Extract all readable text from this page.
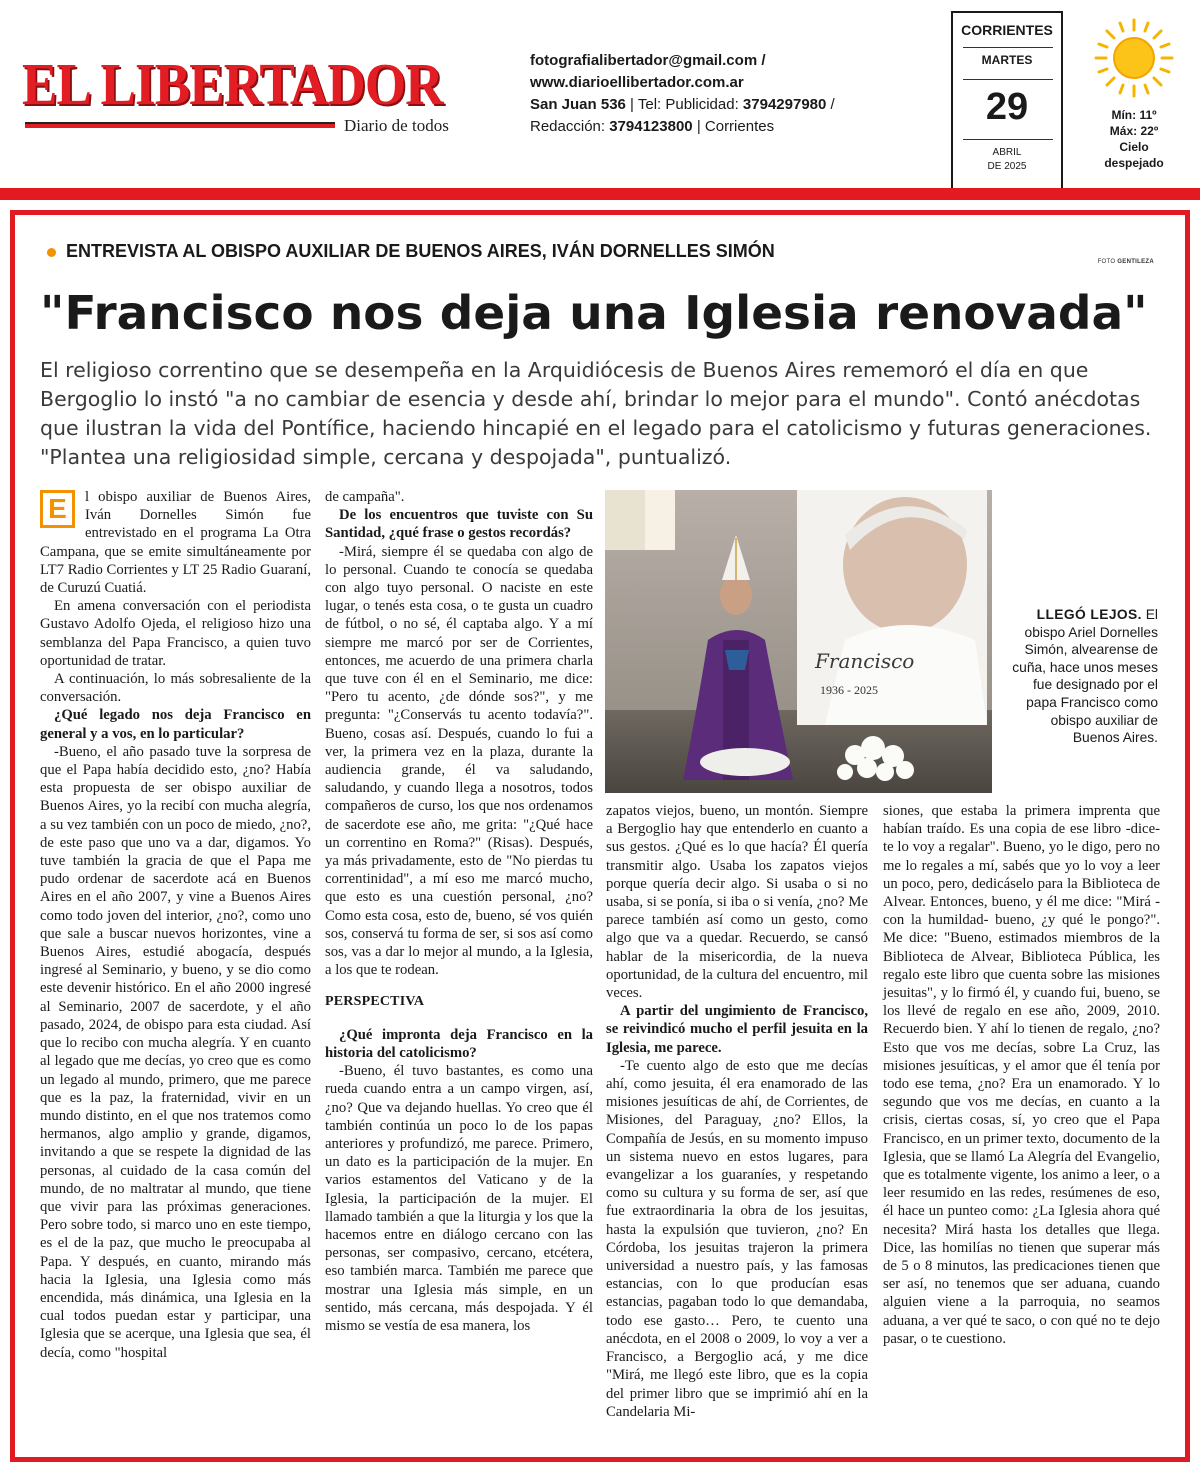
EL LIBERTADOR
Diario de todos
fotografialibertador@gmail.com /
www.diarioellibertador.com.ar
San Juan 536 | Tel: Publicidad: 3794297980 /
Redacción: 3794123800 | Corrientes
CORRIENTES
MARTES
29
ABRIL
DE 2025
Mín: 11º
Máx: 22º
Cielo
despejado
ENTREVISTA AL OBISPO AUXILIAR DE BUENOS AIRES, IVÁN DORNELLES SIMÓN
FOTO GENTILEZA
"Francisco nos deja una Iglesia renovada"
El religioso correntino que se desempeña en la Arquidiócesis de Buenos Aires rememoró el día en que Bergoglio lo instó "a no cambiar de esencia y desde ahí, brindar lo mejor para el mundo". Contó anécdotas que ilustran la vida del Pontífice, haciendo hincapié en el legado para el catolicismo y futuras generaciones. "Plantea una religiosidad simple, cercana y despojada", puntualizó.

E	l obispo auxiliar de Buenos Aires, Iván Dornelles Simón fue entrevistado en el programa La Otra Campana, que se emite simultáneamente por LT7 Radio Corrientes y LT 25 Radio Guaraní, de Curuzú Cuatiá.

En amena conversación con el periodista Gustavo Adolfo Ojeda, el religioso hizo una semblanza del Papa Francisco, a quien tuvo oportunidad de tratar.

A continuación, lo más sobresaliente de la conversación.

¿Qué legado nos deja Francisco en general y a vos, en lo particular?

-Bueno, el año pasado tuve la sorpresa de que el Papa había decidido esto, ¿no? Había esta propuesta de ser obispo auxiliar de Buenos Aires, yo la recibí con mucha alegría, a su vez también con un poco de miedo, ¿no?, de este paso que uno va a dar, digamos. Yo tuve también la gracia de que el Papa me pudo ordenar de sacerdote acá en Buenos Aires en el año 2007, y vine a Buenos Aires como todo joven del interior, ¿no?, como uno que sale a buscar nuevos horizontes, vine a Buenos Aires, estudié abogacía, después ingresé al Seminario, y bueno, y se dio como este devenir histórico. En el año 2000 ingresé al Seminario, 2007 de sacerdote, y el año pasado, 2024, de obispo para esta ciudad. Así que lo recibo con mucha alegría. Y en cuanto al legado que me decías, yo creo que es como un legado al mundo, primero, que me parece que es la paz, la fraternidad, vivir en un mundo distinto, en el que nos tratemos como hermanos, algo amplio y grande, digamos, invitando a que se respete la dignidad de las personas, al cuidado de la casa común del mundo, de no maltratar al mundo, que tiene que vivir para las próximas generaciones. Pero sobre todo, si marco uno en este tiempo, es el de la paz, que mucho le preocupaba al Papa. Y después, en cuanto, mirando más hacia la Iglesia, una Iglesia como más encendida, más dinámica, una Iglesia en la cual todos puedan estar y participar, una Iglesia que se acerque, una Iglesia que sea, él decía, como "hospital

de campaña".

De los encuentros que tuviste con Su Santidad, ¿qué frase o gestos recordás?

-Mirá, siempre él se quedaba con algo de lo personal. Cuando te conocía se quedaba con algo tuyo personal. O naciste en este lugar, o tenés esta cosa, o te gusta un cuadro de fútbol, o no sé, él captaba algo. Y a mí siempre me marcó por ser de Corrientes, entonces, me acuerdo de una primera charla que tuve con él en el Seminario, me dice: "Pero tu acento, ¿de dónde sos?", y me pregunta: "¿Conservás tu acento todavía?". Bueno, cosas así. Después, cuando lo fui a ver, la primera vez en la plaza, durante la audiencia grande, él va saludando, saludando, y cuando llega a nosotros, todos compañeros de curso, los que nos ordenamos de sacerdote ese año, me grita: "¿Qué hace un correntino en Roma?" (Risas). Después, ya más privadamente, esto de "No pierdas tu correntinidad", a mí eso me marcó mucho, que esto es una cuestión personal, ¿no? Como esta cosa, esto de, bueno, sé vos quién sos, conservá tu forma de ser, si sos así como sos, vas a dar lo mejor al mundo, a la Iglesia, a los que te rodean.

PERSPECTIVA

¿Qué impronta deja Francisco en la historia del catolicismo?

-Bueno, él tuvo bastantes, es como una rueda cuando entra a un campo virgen, así, ¿no? Que va dejando huellas. Yo creo que él también continúa un poco lo de los papas anteriores y profundizó, me parece. Primero, un dato es la participación de la mujer. En varios estamentos del Vaticano y de la Iglesia, la participación de la mujer. El llamado también a que la liturgia y los que la hacemos entre en diálogo cercano con las personas, ser compasivo, cercano, etcétera, eso también marca. También me parece que mostrar una Iglesia más simple, en un sentido, más cercana, más despojada. Y él mismo se vestía de esa manera, los

Francisco
1936 - 2025
LLEGÓ LEJOS. El obispo Ariel Dornelles Simón, alvearense de cuña, hace unos meses fue designado por el papa Francisco como obispo auxiliar de Buenos Aires.

zapatos viejos, bueno, un montón. Siempre a Bergoglio hay que entenderlo en cuanto a sus gestos. ¿Qué es lo que hacía? Él quería transmitir algo. Usaba los zapatos viejos porque quería decir algo. Si usaba o si no usaba, si se ponía, si iba o si venía, ¿no? Me parece también así como un gesto, como algo que va a quedar. Recuerdo, se cansó hablar de la misericordia, de la nueva oportunidad, de la cultura del encuentro, mil veces.

A partir del ungimiento de Francisco, se reivindicó mucho el perfil jesuita en la Iglesia, me parece.

-Te cuento algo de esto que me decías ahí, como jesuita, él era enamorado de las misiones jesuíticas de ahí, de Corrientes, de Misiones, del Paraguay, ¿no? Ellos, la Compañía de Jesús, en su momento impuso un sistema nuevo en estos lugares, para evangelizar a los guaraníes, y respetando como su cultura y su forma de ser, así que fue extraordinaria la obra de los jesuitas, hasta la expulsión que tuvieron, ¿no? En Córdoba, los jesuitas trajeron la primera universidad a nuestro país, y las famosas estancias, con lo que producían esas estancias, pagaban todo lo que demandaba, todo ese gasto… Pero, te cuento una anécdota, en el 2008 o 2009, lo voy a ver a Francisco, a Bergoglio acá, y me dice "Mirá, me llegó este libro, que es la copia del primer libro que se imprimió ahí en la Candelaria Mi-

siones, que estaba la primera imprenta que habían traído. Es una copia de ese libro -dice- te lo voy a regalar". Bueno, yo le digo, pero no me lo regales a mí, sabés que yo lo voy a leer un poco, pero, dedicáselo para la Biblioteca de Alvear. Entonces, bueno, y él me dice: "Mirá -con la humildad- bueno, ¿y qué le pongo?". Me dice: "Bueno, estimados miembros de la Biblioteca de Alvear, Biblioteca Pública, les regalo este libro que cuenta sobre las misiones jesuitas", y lo firmó él, y cuando fui, bueno, se los llevé de regalo en ese año, 2009, 2010. Recuerdo bien. Y ahí lo tienen de regalo, ¿no? Esto que vos me decías, sobre La Cruz, las misiones jesuíticas, y el amor que él tenía por todo ese tema, ¿no? Era un enamorado. Y lo segundo que vos me decías, en cuanto a la crisis, ciertas cosas, sí, yo creo que el Papa Francisco, en un primer texto, documento de la Iglesia, que se llamó La Alegría del Evangelio, que es totalmente vigente, los animo a leer, o a leer resumido en las redes, resúmenes de eso, él hace un punteo como: ¿La Iglesia ahora qué necesita? Mirá hasta los detalles que llega. Dice, las homilías no tienen que superar más de 5 o 8 minutos, las predicaciones tienen que ser así, no tenemos que ser aduana, cuando alguien viene a la parroquia, no seamos aduana, a ver qué te saco, o con qué no te dejo pasar, o te cuestiono.
